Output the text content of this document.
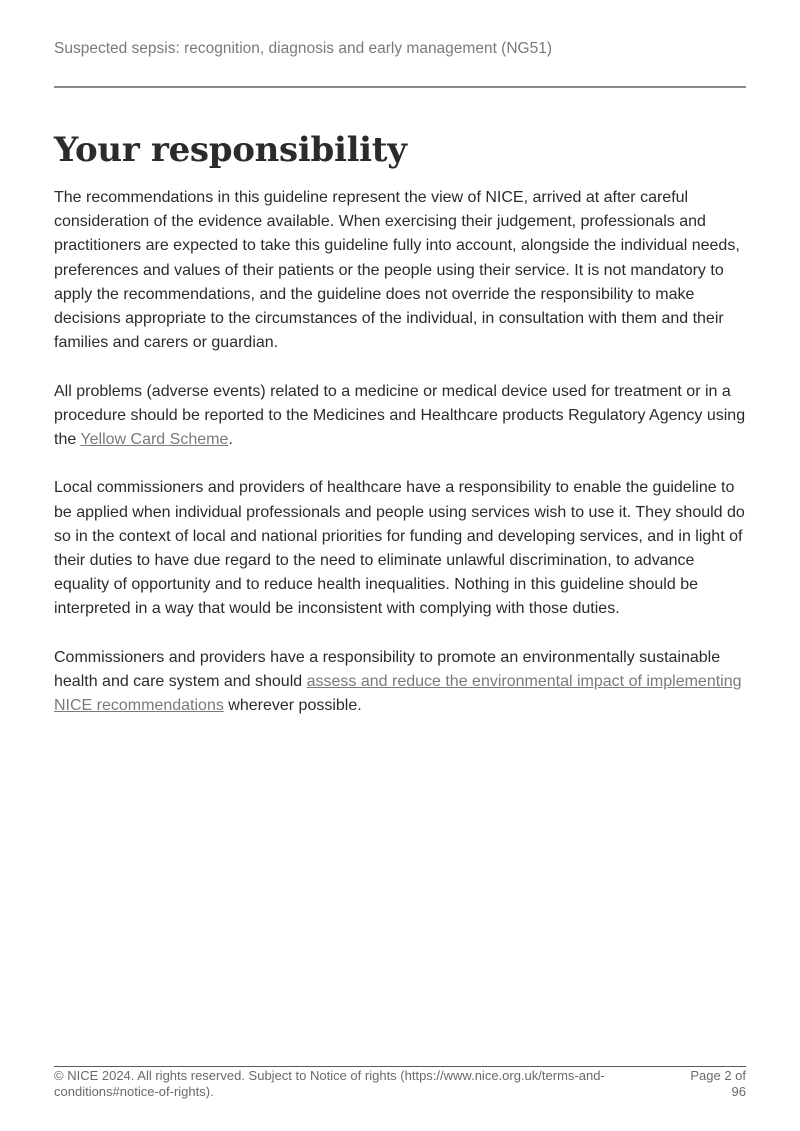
Suspected sepsis: recognition, diagnosis and early management (NG51)
Your responsibility

The recommendations in this guideline represent the view of NICE, arrived at after careful consideration of the evidence available. When exercising their judgement, professionals and practitioners are expected to take this guideline fully into account, alongside the individual needs, preferences and values of their patients or the people using their service. It is not mandatory to apply the recommendations, and the guideline does not override the responsibility to make decisions appropriate to the circumstances of the individual, in consultation with them and their families and carers or guardian.

All problems (adverse events) related to a medicine or medical device used for treatment or in a procedure should be reported to the Medicines and Healthcare products Regulatory Agency using the Yellow Card Scheme.

Local commissioners and providers of healthcare have a responsibility to enable the guideline to be applied when individual professionals and people using services wish to use it. They should do so in the context of local and national priorities for funding and developing services, and in light of their duties to have due regard to the need to eliminate unlawful discrimination, to advance equality of opportunity and to reduce health inequalities. Nothing in this guideline should be interpreted in a way that would be inconsistent with complying with those duties.

Commissioners and providers have a responsibility to promote an environmentally sustainable health and care system and should assess and reduce the environmental impact of implementing NICE recommendations wherever possible.

© NICE 2024. All rights reserved. Subject to Notice of rights (https://www.nice.org.uk/terms-and-conditions#notice-of-rights).
Page 2 of 96
